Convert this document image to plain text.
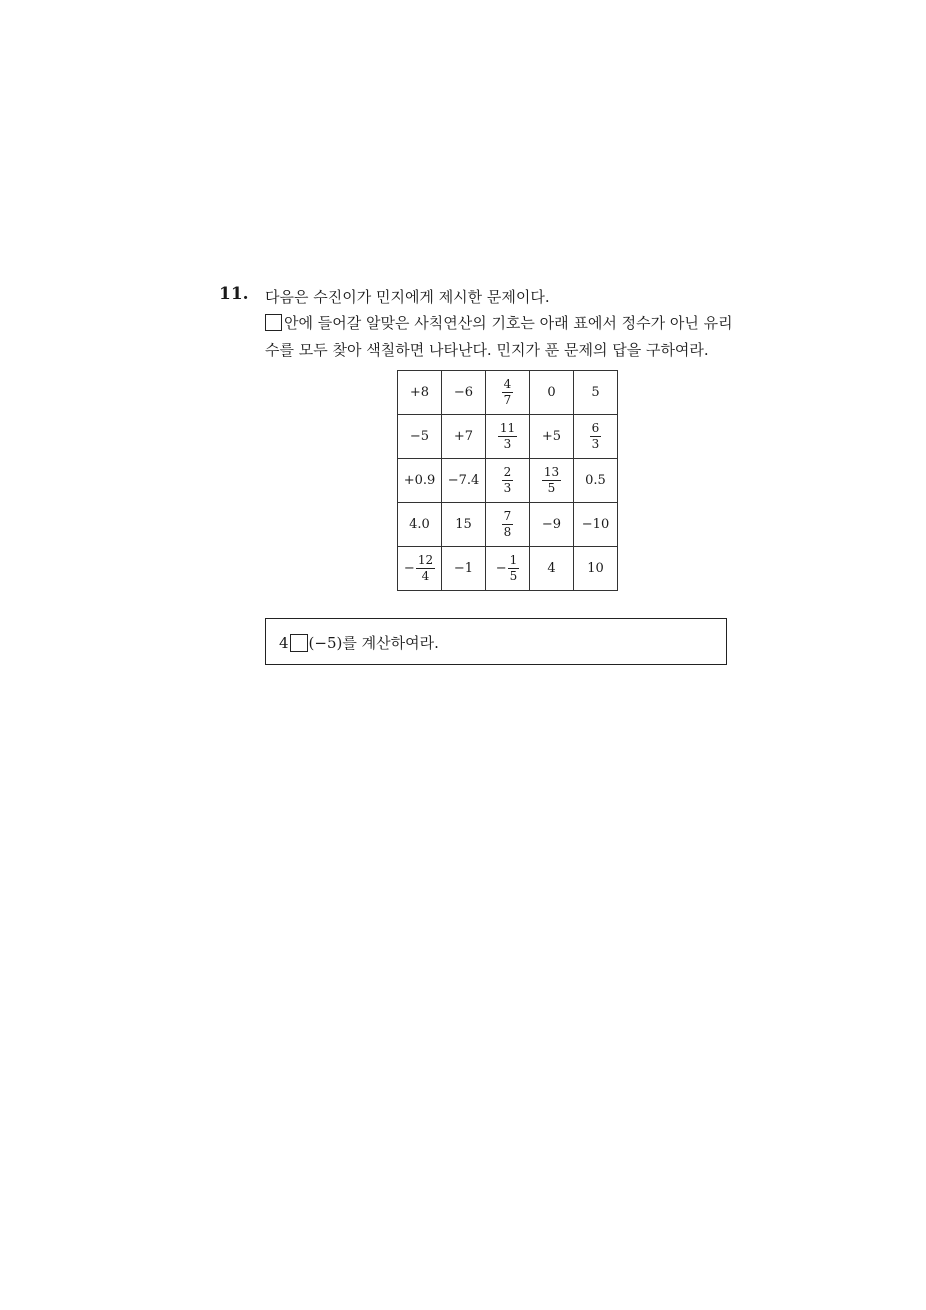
11. 다음은 수진이가 민지에게 제시한 문제이다.
안에 들어갈 알맞은 사칙연산의 기호는 아래 표에서 정수가 아닌 유리
수를 모두 찾아 색칠하면 나타난다. 민지가 푼 문제의 답을 구하여라.
+8	−6	$\frac{4}{7}$	0	5
−5	+7	$\frac{11}{3}$	+5	$\frac{6}{3}$

+0.9	−7.4	$\frac{2}{3}$	$\frac{13}{5}$	0.5
4.0	15	$\frac{7}{8}$	−9	−10
− $\frac{12}{4}$	−1	− $\frac{1}{5}$	4	10
4 (−5)를 계산하여라.
